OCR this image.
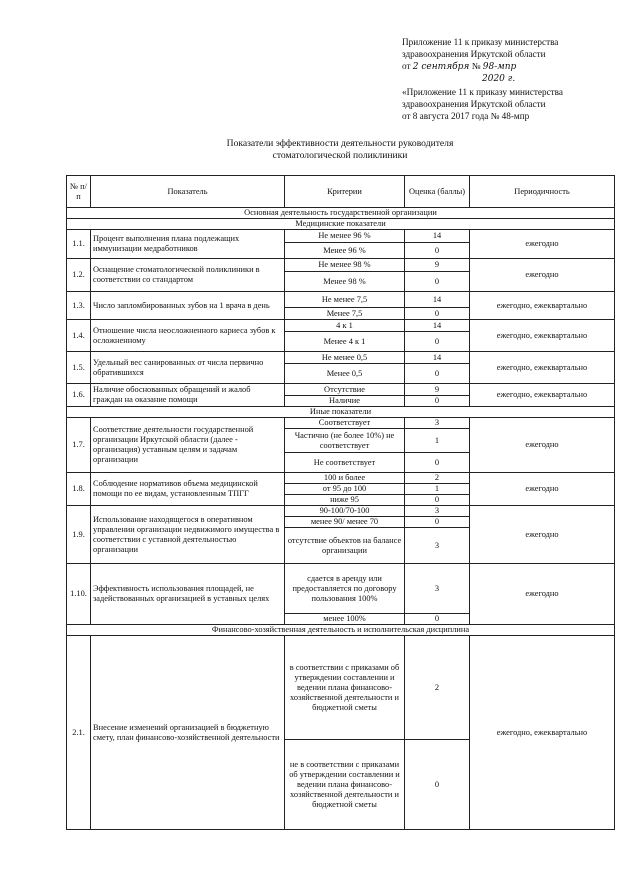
Приложение 11 к приказу министерства
здравоохранения Иркутской области
от 2 сентября № 98-мпр
2020 г.
«Приложение 11 к приказу министерства
здравоохранения Иркутской области
от 8 августа 2017 года № 48-мпр
Показатели эффективности деятельности руководителя
стоматологической поликлиники
№ п/п	Показатель	Критерии	Оценка (баллы)	Периодичность
Основная деятельность государственной организации				
Медицинские показатели				
1.1.	Процент выполнения плана подлежащих иммунизации медработников	Не менее 96 %	14	ежегодно
		Менее 96 %	0	
1.2.	Оснащение стоматологической поликлиники в соответствии со стандартом	Не менее 98 %	9	ежегодно
		Менее 98 %	0	
1.3.	Число запломбированных зубов на 1 врача в день	Не менее 7,5	14	ежегодно, ежеквартально
		Менее 7,5	0	
1.4.	Отношение числа неосложненного кариеса зубов к осложненному	4 к 1	14	ежегодно, ежеквартально
		Менее 4 к 1	0	
1.5.	Удельный вес санированных от числа первично обратившихся	Не менее 0,5	14	ежегодно, ежеквартально
		Менее 0,5	0	
1.6.	Наличие обоснованных обращений и жалоб граждан на оказание помощи	Отсутствие	9	ежегодно, ежеквартально
		Наличие	0	
Иные показатели				
1.7.	Соответствие деятельности государственной организации Иркутской области (далее - организация) уставным целям и задачам организации	Соответствует	3	ежегодно
		Частично (не более 10%) не соответствует	1	
		Не соответствует	0	
1.8.	Соблюдение нормативов объема медицинской помощи по ее видам, установленным ТПГГ	100 и более	2	ежегодно
		от 95 до 100	1	
		ниже 95	0	
1.9.	Использование находящегося в оперативном управлении организации недвижимого имущества в соответствии с уставной деятельностью организации	90-100/70-100	3	ежегодно
		менее 90/ менее 70	0	
		отсутствие объектов на балансе организации	3	
1.10.	Эффективность использования площадей, не задействованных организацией в уставных целях	сдается в аренду или предоставляется по договору пользования 100%	3	ежегодно
		менее 100%	0	
Финансово-хозяйственная деятельность и исполнительская дисциплина				
2.1.	Внесение изменений организацией в бюджетную смету, план финансово-хозяйственной деятельности	в соответствии с приказами об утверждении составлении и ведении плана финансово-хозяйственной деятельности и бюджетной сметы	2	ежегодно, ежеквартально
		не в соответствии с приказами об утверждении составлении и ведении плана финансово-хозяйственной деятельности и бюджетной сметы	0	
